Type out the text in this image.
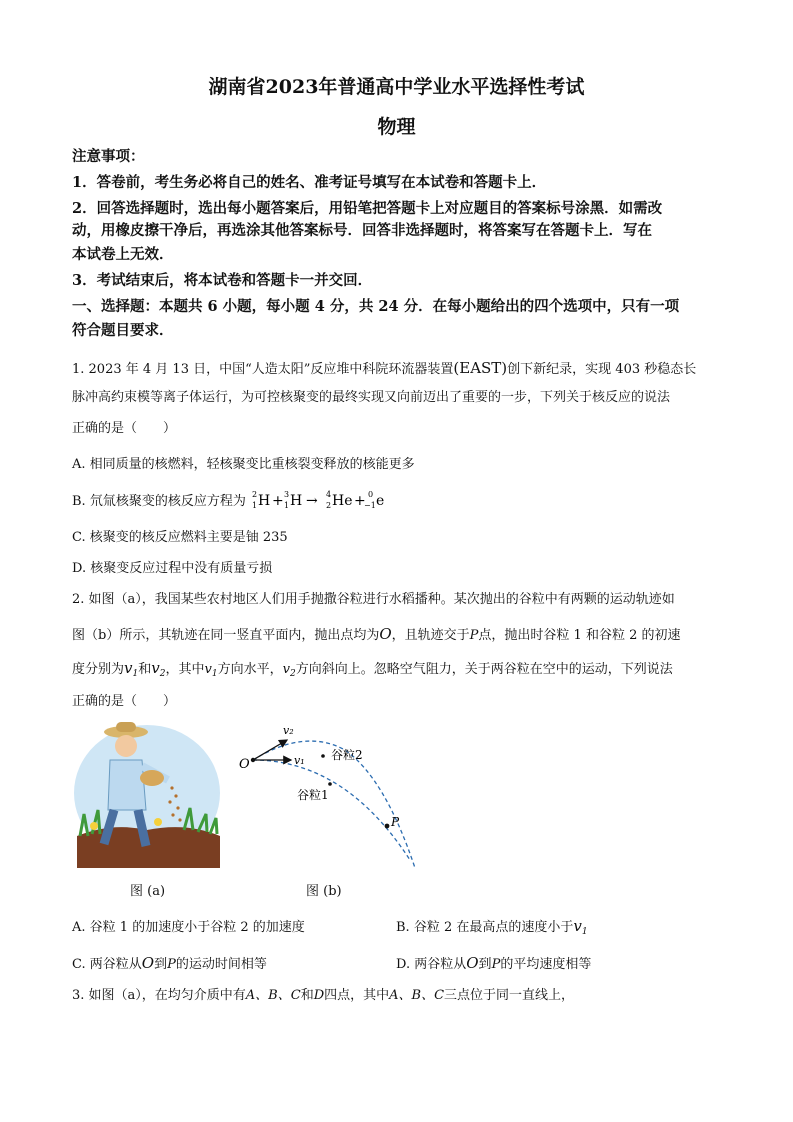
湖南省2023年普通高中学业水平选择性考试
物理
注意事项：
1．答卷前，考生务必将自己的姓名、准考证号填写在本试卷和答题卡上．
2．回答选择题时，选出每小题答案后，用铅笔把答题卡上对应题目的答案标号涂黑．如需改
动，用橡皮擦干净后，再选涂其他答案标号．回答非选择题时，将答案写在答题卡上．写在
本试卷上无效．
3．考试结束后，将本试卷和答题卡一并交回．
一、选择题：本题共 6 小题，每小题 4 分，共 24 分．在每小题给出的四个选项中，只有一项
符合题目要求．
1. 2023 年 4 月 13 日，中国“人造太阳”反应堆中科院环流器装置(EAST)创下新纪录，实现 403 秒稳态长
脉冲高约束模等离子体运行，为可控核聚变的最终实现又向前迈出了重要的一步，下列关于核反应的说法
正确的是（　　）
A. 相同质量的核燃料，轻核聚变比重核裂变释放的核能更多
B. 氘氚核聚变的核反应方程为 2
1 H + 3
1 H → 4
2 He + 0
−1 e
C. 核聚变的核反应燃料主要是铀 235
D. 核聚变反应过程中没有质量亏损
2. 如图（a），我国某些农村地区人们用手抛撒谷粒进行水稻播种。某次抛出的谷粒中有两颗的运动轨迹如
图（b）所示，其轨迹在同一竖直平面内，抛出点均为O，且轨迹交于P点，抛出时谷粒 1 和谷粒 2 的初速
度分别为$v_1$和$v_2$，其中$v_1$方向水平，$v_2$方向斜向上。忽略空气阻力，关于两谷粒在空中的运动，下列说法
正确的是（　　）
O	v₁
v₂
谷粒2
谷粒1
P
图 (a)	图 (b)
A. 谷粒 1 的加速度小于谷粒 2 的加速度	B. 谷粒 2 在最高点的速度小于$v_1$
C. 两谷粒从O到P的运动时间相等	D. 两谷粒从O到P的平均速度相等
3. 如图（a），在均匀介质中有A、B、C和D四点，其中A、B、C三点位于同一直线上，
